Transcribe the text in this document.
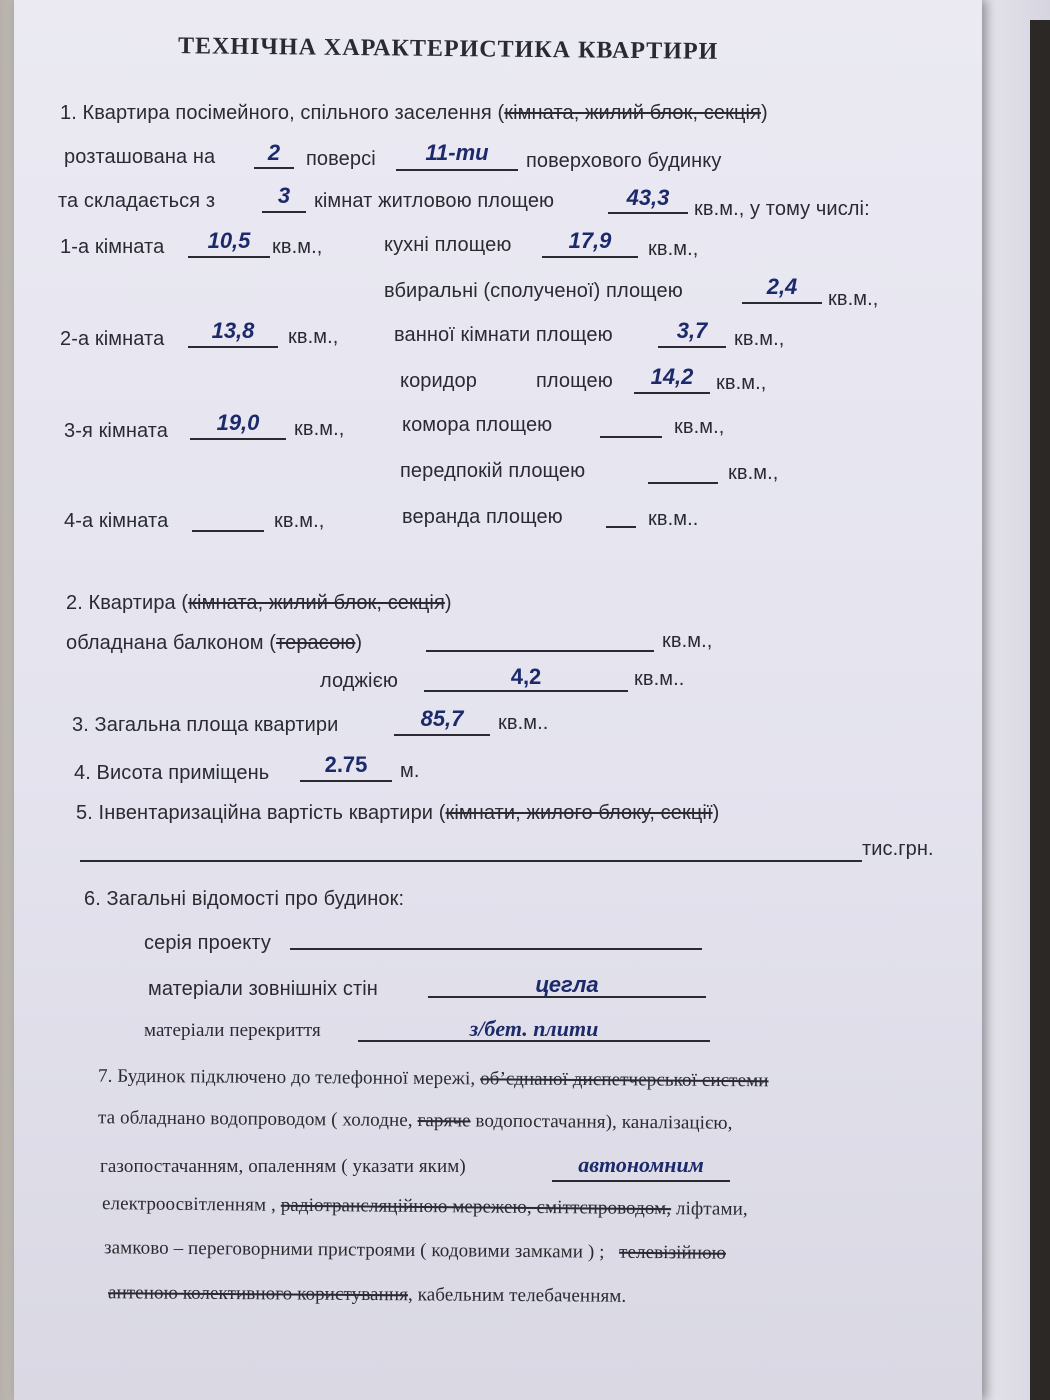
ТЕХНІЧНА ХАРАКТЕРИСТИКА КВАРТИРИ
1. Квартира посімейного, спільного заселення (кімната, жилий блок, секція)
розташована на	2	поверсі	11-ти	поверхового будинку
та складається з	3	кімнат житловою площею	43,3	кв.м., у тому числі:
1-а кімната	10,5	кв.м.,	кухні площею	17,9	кв.м.,
вбиральні (сполученої) площею	2,4	кв.м.,
2-а кімната	13,8	кв.м.,	ванної кімнати площею	3,7	кв.м.,
коридор	площею	14,2	кв.м.,
3-я кімната	19,0	кв.м.,	комора площею	кв.м.,
передпокій площею	кв.м.,
4-а кімната	кв.м.,	веранда площею	кв.м..
2. Квартира (кімната, жилий блок, секція)
обладнана балконом (терасою)	кв.м.,
лоджією	4,2	кв.м..
3. Загальна площа квартири	85,7	кв.м..
4. Висота приміщень	2.75	м.
5. Інвентаризаційна вартість квартири (кімнати, жилого блоку, секції)
тис.грн.
6. Загальні відомості про будинок:
серія проекту
матеріали зовнішніх стін	цегла
матеріали перекриття	з/бет. плити
7. Будинок підключено до телефонної мережі, об’єднаної диспетчерської системи
та обладнано водопроводом ( холодне, гаряче водопостачання), каналізацією,
газопостачанням, опаленням ( указати яким)	автономним
електроосвітленням , радіотрансляційною мережею, сміттєпроводом, ліфтами,
замково – переговорними пристроями ( кодовими замками ) ; телевізійною
антеною колективного користування, кабельним телебаченням.
